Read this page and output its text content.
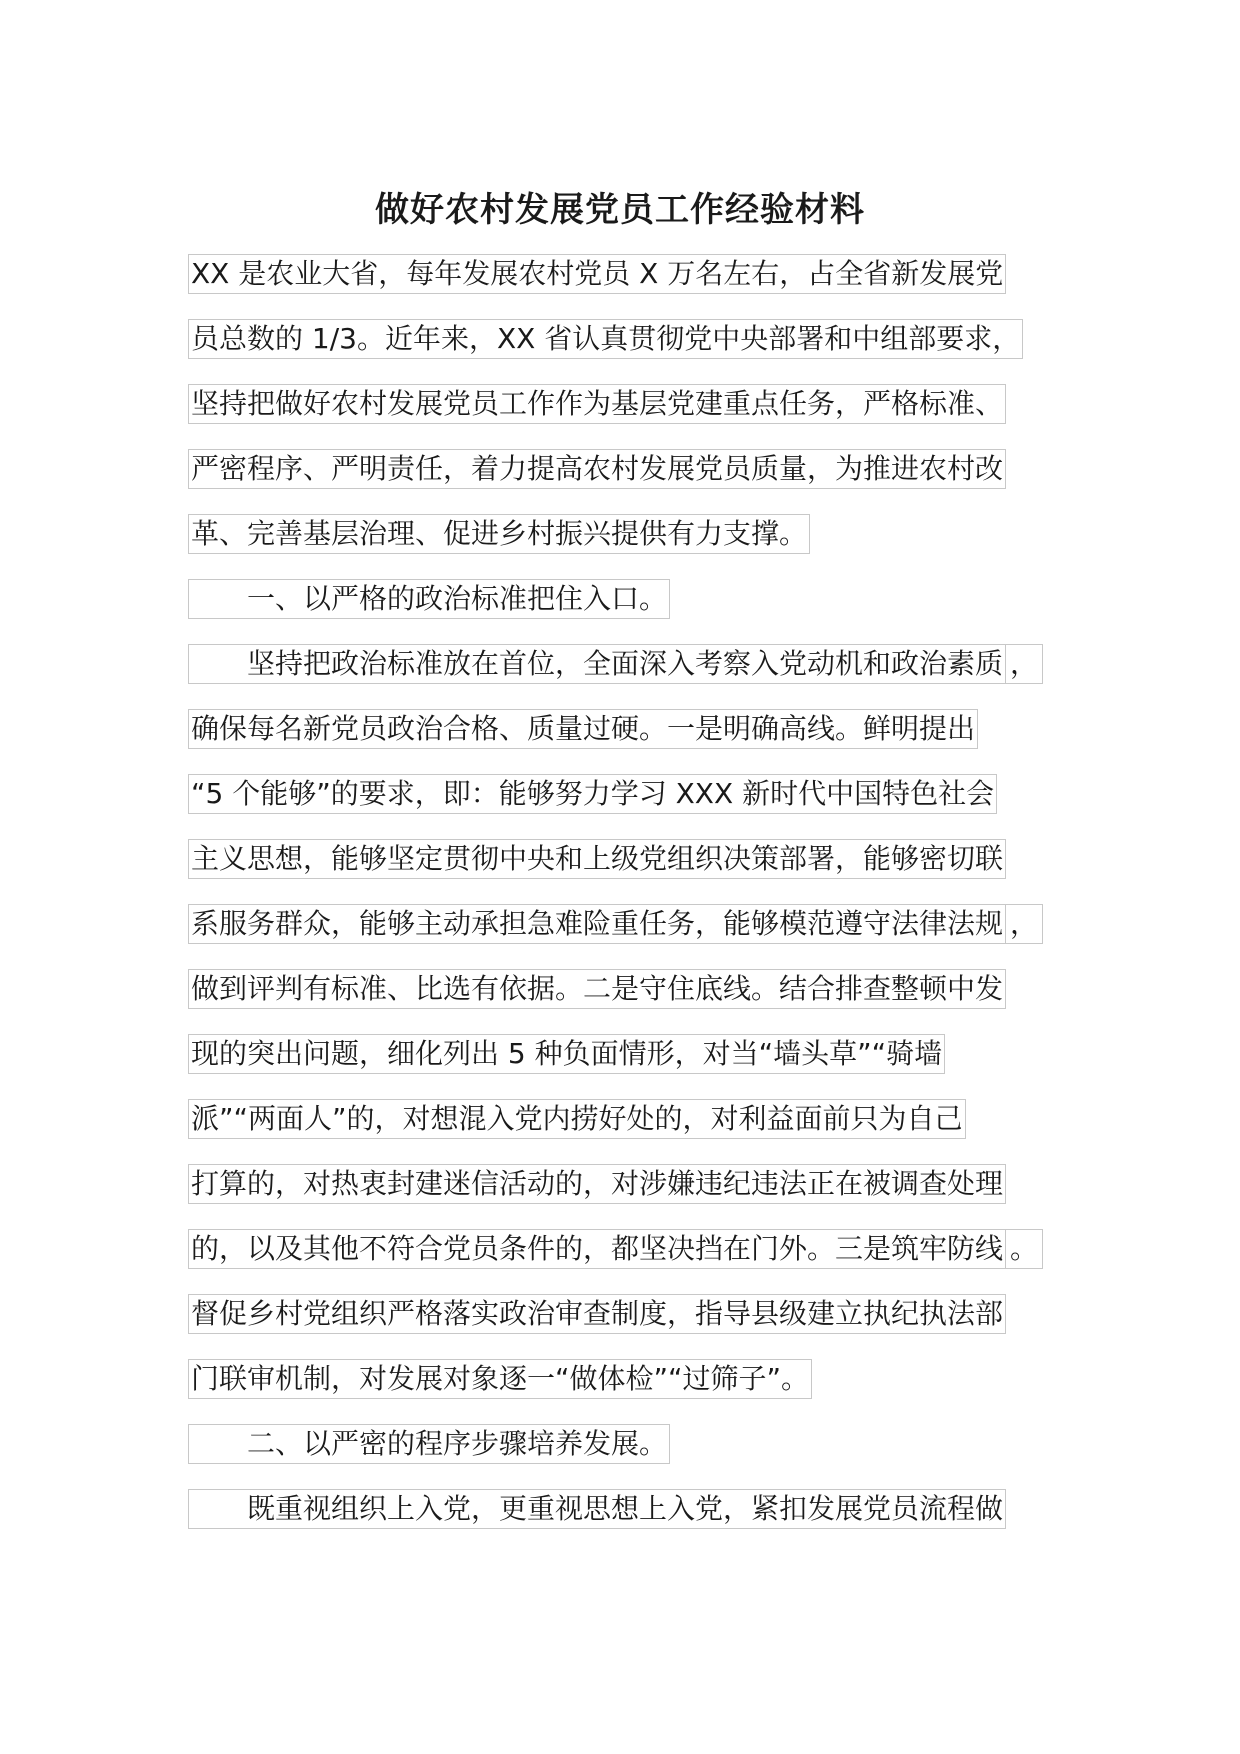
做好农村发展党员工作经验材料
XX 是农业大省，每年发展农村党员 X 万名左右，占全省新发展党
员总数的 1/3。近年来，XX 省认真贯彻党中央部署和中组部要求，
坚持把做好农村发展党员工作作为基层党建重点任务，严格标准、
严密程序、严明责任，着力提高农村发展党员质量，为推进农村改
革、完善基层治理、促进乡村振兴提供有力支撑。
一、以严格的政治标准把住入口。
坚持把政治标准放在首位，全面深入考察入党动机和政治素质 ，
确保每名新党员政治合格、质量过硬。一是明确高线。鲜明提出
“5 个能够”的要求，即：能够努力学习 XXX 新时代中国特色社会
主义思想，能够坚定贯彻中央和上级党组织决策部署，能够密切联
系服务群众，能够主动承担急难险重任务，能够模范遵守法律法规 ，
做到评判有标准、比选有依据。二是守住底线。结合排查整顿中发
现的突出问题，细化列出 5 种负面情形，对当“墙头草”“骑墙
派”“两面人”的，对想混入党内捞好处的，对利益面前只为自己
打算的，对热衷封建迷信活动的，对涉嫌违纪违法正在被调查处理
的，以及其他不符合党员条件的，都坚决挡在门外。三是筑牢防线 。
督促乡村党组织严格落实政治审查制度，指导县级建立执纪执法部
门联审机制，对发展对象逐一“做体检”“过筛子”。
二、以严密的程序步骤培养发展。
既重视组织上入党，更重视思想上入党，紧扣发展党员流程做
